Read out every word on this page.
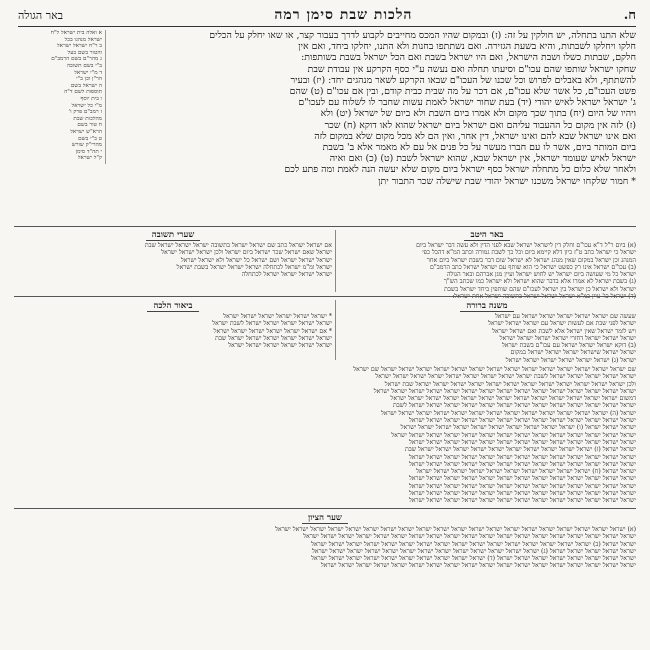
ח.
הלכות שבת סימן רמה
באר הגולה
א ואלה בית ישראל ל"ח
ישראל מנהגו בכל
ב ר"ח ישראל ישראל
והטור בשם בעל
ג מהר"ם בשם הרמב"ם
ב"י בשם תשובה
ד מ"י ישראל
הר"ן וכן ב"י
ה ישראל בשם
תוספות לשם ד"ה
ו בית יוסף
מ"י כל ישראל
ז רמב"ם פרק ו'
מהלכות שבת
ח טור בשם
הרא"ש ישראל
ט ב"י בשם
מהרי"ק שורש
י תה"ד סימן
ק"ל ישראל
שלא התנו בתחלה, יש חולקין על זה: (ז) ובמקום שהיו המכס מחייבים לקבוע לדרך בעבור קצר, או שאו יחלק על הכלים
חלקו ויחלקו לשבתות, והיא בשעת הגזירה. ואם נשתתפו בחנות ולא התנו, יחלקו ביחד, ואם אין
חלקם, שבתות כשלו ושבת הישראל, ואם היו ישראל בשבת ואם הכל ישראל בשבת בשותפות:
שחקו ישראל שותפו שהם עכו"ם וסיעתו תחלה ואם נעשה ע"י כסף הקרקע אין עבודת שבת
להשתתף, ולא באבלים לפרוש וכל שכנו של העכו"ם שבאו הקרקע לשאר מנהגים יחד: (יז) ובעיר
פשט העכו"ם, כל אשר שלא עכו"ם, אם דכר על מה שבית כבית קודם, ובין אם עכו"ם (ט) שהם
ג' ישראל ישראל לאיש יהודי (יד) בעת שחור ישראל לאמת עשות שחבר לו לשלוח עם לעכו"ם
ויהיו של היום (יח) בתוך שכך מקום ולא אמרו ביום השבת ולא ביום של ישראל (יט) ולא
(ז) לזה אין מקום כל ההעבוד עליהם ואם ישראל ביום ישראל שהוא לאו דוקא (ח) שכר
ואם אינו ישראל שבא להם ואינו ישראל, דין אחר, ואין הם לא מכל מקום שלא במקום לזה
ביום המותר ביום, אשר לו עם חברו מעשר על כל פנים אל עם לא מאמר אלא ב' בשבת
ישראל לאיש שעומד ישראל, אין ישראל שבא, שהוא ישראל לשבת (ט) (כ) ואם ואיה
ולאחר שלא כלום כל מתחלה ישראל כסף ישראל ביום מקום שלא יעשה הנה לאמת ומה פתע לכם
* חמור שלקחו ישראל משכנו ישראל יהודי שבת שישלה שכר התבור יתן
באר היטב
(א) ביום ר"ל ד"א עכו"ם וחלק דין לישראל ישראל שבא לפני הדין ולא עשה דבר ישראל ביום
ישראל כי ישראל כתב ט"ז כיון דלא קיימא ביום וכל כך לשבת גמורה וכתב המ"א דהכל כפי
המנהג וכן ישראל במקום שאין מנהג ישראל לא ישראל שום דבר בשבת ישראל ביום אחר
(ב) עכו"ם ישראל אינו רק כפשט ישראל כי הוא שותף עם ישראל ישראל כתב הרמב"ם
ישראל כל מי שעושה ביום ישראל יש לחוש ישראל ועיין מגן אברהם ובאר הגולה
(ג) בשבת ישראל לא אמרו אלא בדבר שהוא ישראל ולא ישראל כמו שכתב הש"ך
ישראל ולא ישראל כן ישראל בין ישראל לעכו"ם שהם שותפין ביחד ישראל בשבת
שערי תשובה
אם ישראל ישראל כתב שם ישראל ישראל בתשובה ישראל ישראל ישראל שבת
ישראל שאם ישראל שכר ישראל ביום ישראל ולכן ישראל ישראל ישראל
ישראל ישראל ישראל ושם ישראל כל ישראל ולא ישראל ישראל
ישראל ומ"מ ישראל לכתחלה ישראל ישראל ישראל בשבת ישראל
ישראל ישראל ישראל ישראל לכתחלה
משנה ברורה
שעשה שם ישראל ישראל ישראל ישראל ישראל עם ישראל
ישראל לפני שבת אם לעשות ישראל עם ישראל ישראל ישראל
ויש לומר ישראל שאין ישראל אלא לשבת ואם ישראל ישראל
ישראל ישראל ישראל דחזרי ישראל ישראל ישראל ישראל
(ב) דוקא ישראל ישראל ישראל עם עכו"ם בשבת ישראל
ישראל ישראל שישראל ישראל ישראל ישראל במקום
ישראל (ג) ישראל ישראל ישראל ישראל ישראל ישראל
ביאור הלכה
* ישראל ישראל ישראל ישראל ישראל ישראל
ישראל ישראל ישראל ישראל ישראל לשבת ישראל
* אם ישראל ישראל ישראל ישראל ישראל ישראל
ישראל ישראל ישראל ישראל ישראל ישראל שבת
ישראל ישראל ישראל ישראל ישראל ישראל
שם ישראל ישראל ישראל ישראל ישראל ישראל ישראל ישראל ישראל ישראל ישראל ישראל ישראל ישראל שם ישראל
ישראל ישראל ישראל ישראל ישראל לשבת ישראל ישראל ישראל ישראל ישראל ישראל ישראל ישראל ישראל
ולכן ישראל ישראל ישראל ישראל ישראל ישראל ישראל ישראל ישראל ישראל ישראל ישראל שבת ישראל
ישראל ישראל ישראל ישראל ישראל ישראל ישראל ישראל ישראל ישראל ישראל ישראל ישראל ישראל ישראל
דמשום ישראל ישראל ישראל ישראל ישראל ישראל ישראל ישראל ישראל ישראל ישראל ישראל ישראל
ישראל ישראל ישראל ישראל ישראל ישראל ישראל ישראל ישראל ישראל ישראל ישראל ישראל לשבת
ישראל (ה) ישראל ישראל ישראל ישראל ישראל ישראל ישראל ישראל ישראל ישראל ישראל ישראל ישראל
ישראל ישראל ישראל ישראל ישראל ישראל ישראל ישראל ישראל ישראל ישראל ישראל ישראל
ישראל ישראל ישראל (ו) ישראל ישראל ישראל ישראל ישראל ישראל ישראל ישראל ישראל ישראל
ישראל ישראל ישראל ישראל ישראל ישראל ישראל ישראל ישראל ישראל ישראל ישראל ישראל ישראל
ישראל ישראל ישראל ישראל ישראל ישראל ישראל ישראל ישראל ישראל ישראל ישראל ישראל
ישראל ישראל (ז) ישראל ישראל ישראל ישראל ישראל ישראל ישראל ישראל ישראל ישראל שבת
ישראל ישראל ישראל ישראל ישראל ישראל ישראל ישראל ישראל ישראל ישראל ישראל ישראל
ישראל ישראל ישראל ישראל ישראל ישראל ישראל ישראל ישראל ישראל ישראל ישראל ישראל
ישראל ישראל (ח) ישראל ישראל ישראל ישראל ישראל ישראל ישראל ישראל ישראל ישראל
ישראל ישראל ישראל ישראל ישראל ישראל ישראל ישראל ישראל ישראל ישראל ישראל ישראל
ישראל ישראל ישראל ישראל ישראל ישראל ישראל ישראל ישראל ישראל ישראל ישראל ישראל
ישראל ישראל ישראל ישראל ישראל ישראל ישראל ישראל ישראל ישראל ישראל ישראל ישראל
ישראל ישראל ישראל ישראל ישראל ישראל ישראל ישראל ישראל ישראל ישראל ישראל ישראל
שער הציון
(א) ישראל ישראל ישראל ישראל ישראל ישראל ישראל ישראל ישראל ישראל ישראל ישראל ישראל ישראל ישראל ישראל ישראל ישראל ישראל ישראל
ישראל ישראל ישראל ישראל ישראל ישראל ישראל ישראל ישראל ישראל ישראל ישראל ישראל ישראל ישראל ישראל ישראל ישראל ישראל
ישראל ישראל (ב) ישראל ישראל ישראל ישראל ישראל ישראל ישראל ישראל ישראל ישראל ישראל ישראל ישראל ישראל ישראל ישראל
ישראל ישראל ישראל ישראל ישראל (ג) ישראל ישראל ישראל ישראל ישראל ישראל ישראל ישראל ישראל ישראל ישראל ישראל ישראל
ישראל ישראל ישראל ישראל ישראל ישראל ישראל ישראל (ד) ישראל ישראל ישראל ישראל ישראל ישראל ישראל ישראל ישראל ישראל
ישראל ישראל ישראל ישראל ישראל ישראל ישראל ישראל ישראל ישראל ישראל ישראל ישראל ישראל ישראל ישראל ישראל ישראל
